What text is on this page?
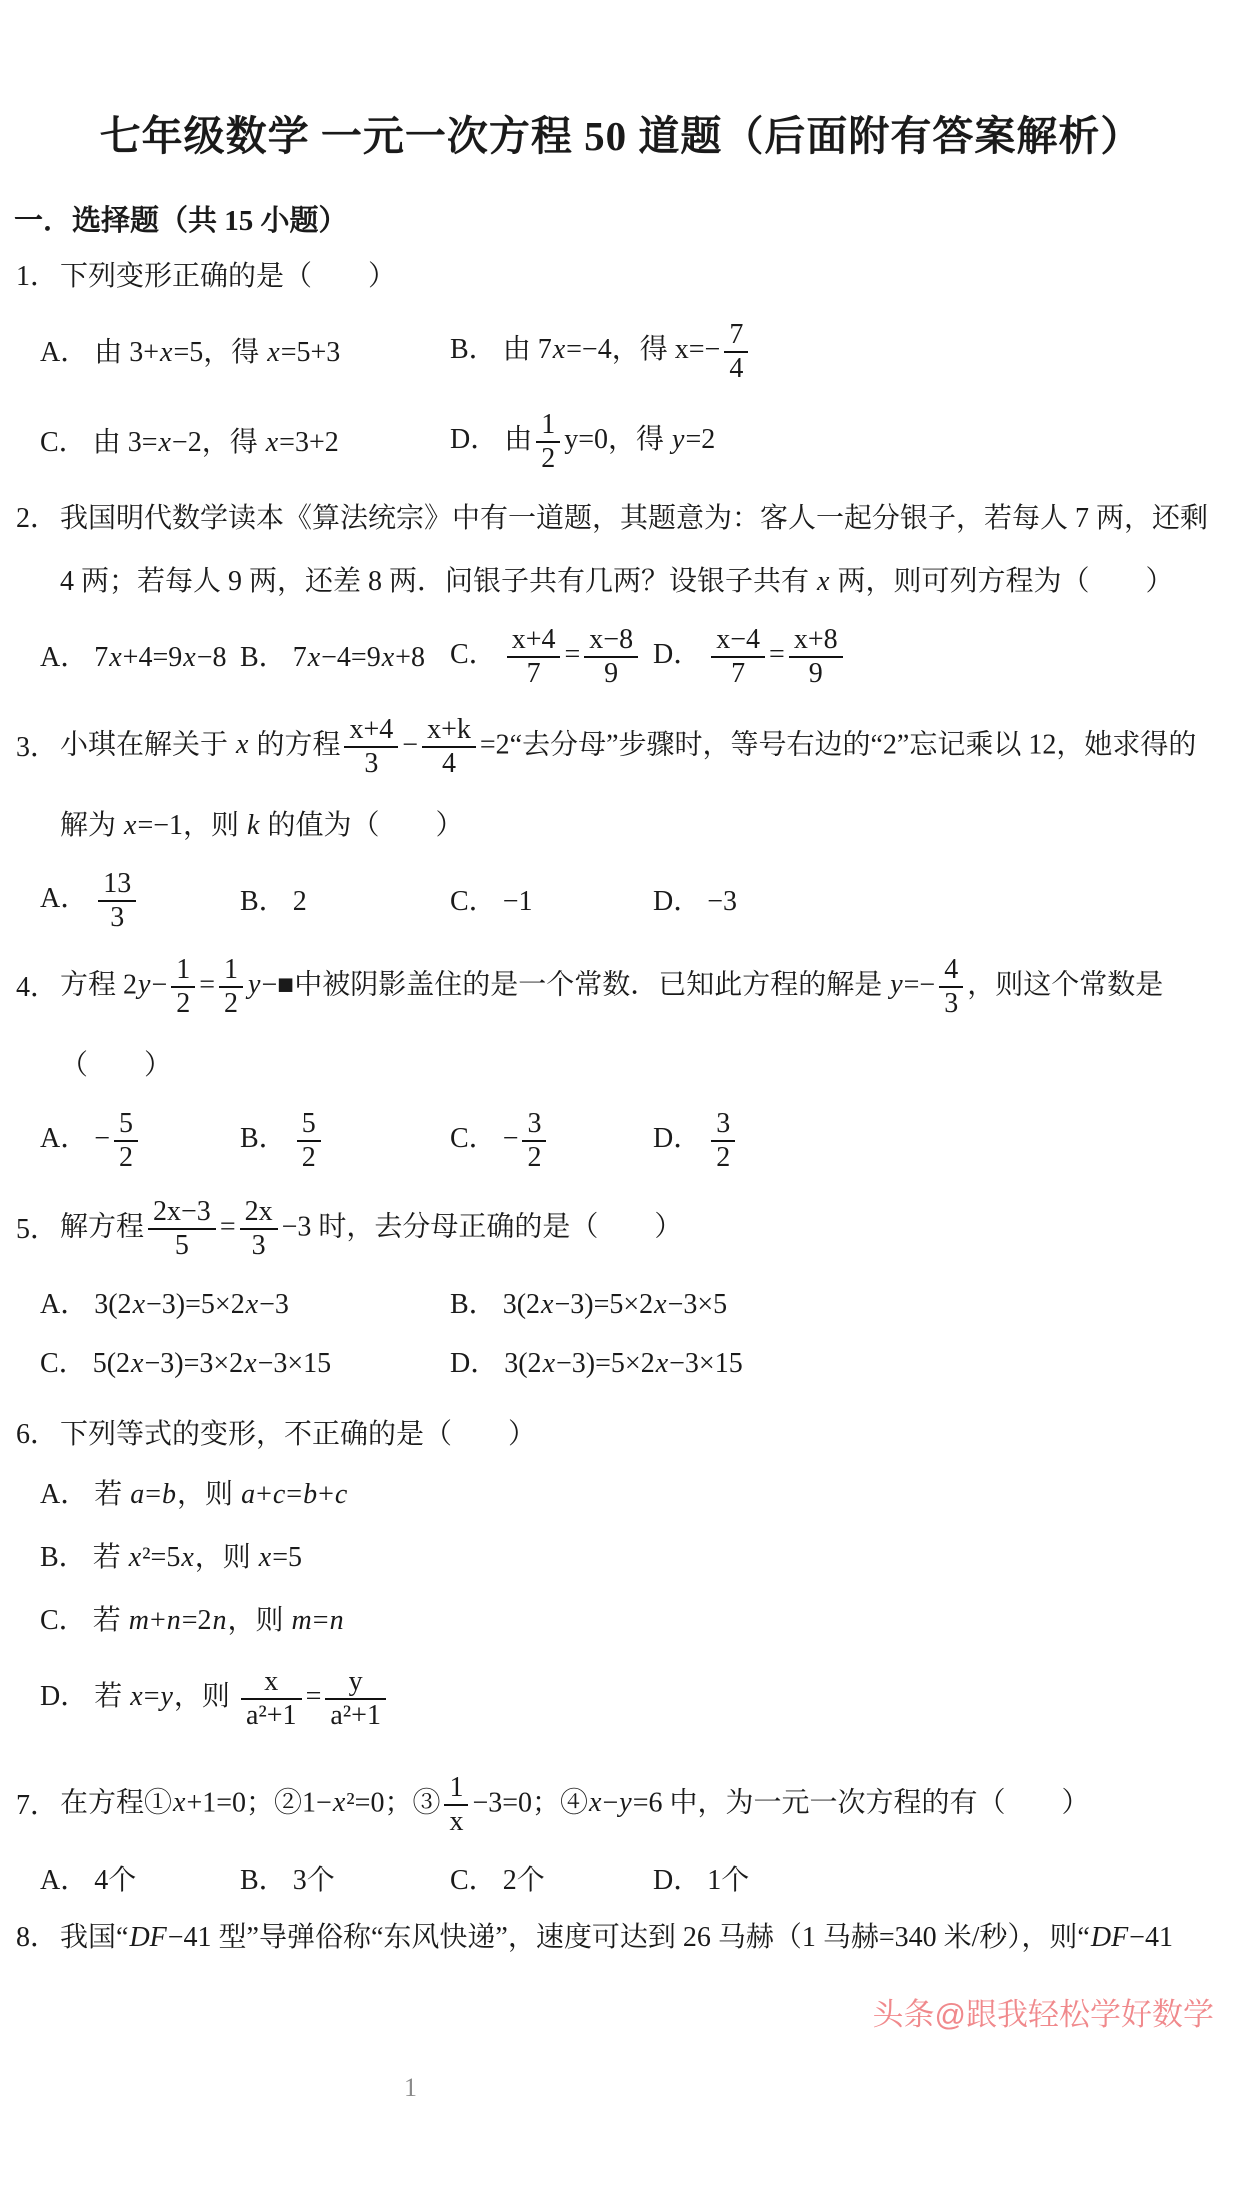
七年级数学 一元一次方程 50 道题（后面附有答案解析）
一．选择题（共 15 小题）
1． 下列变形正确的是（　　）
A． 由 3+x=5，得 x=5+3	B． 由 7x=−4，得 $x=- \frac{7}{4}$
C． 由 3=x−2，得 x=3+2	D． 由 $\frac{1}{2} y=0$，得 y=2
2． 我国明代数学读本《算法统宗》中有一道题，其题意为：客人一起分银子，若每人 7 两，还剩
4 两；若每人 9 两，还差 8 两．问银子共有几两？设银子共有 x 两，则可列方程为（　　）
A． 7x+4=9x−8 B． 7x−4=9x+8 C． $\frac{x+4}{7} = \frac{x-8}{9}$ D． $\frac{x-4}{7} = \frac{x+8}{9}$
3． 小琪在解关于 x 的方程 $\frac{x+4}{3} - \frac{x+k}{4}$ =2“去分母”步骤时，等号右边的“2”忘记乘以 12，她求得的
解为 x=−1，则 k 的值为（　　）
A． $\frac{13}{3}$	B． 2	C． −1	D． −3
4． 方程 $2y- \frac{1}{2} = \frac{1}{2}$ y−■中被阴影盖住的是一个常数．已知此方程的解是 $y=- \frac{4}{3}$ ，则这个常数是
（　　）
A． − $\frac{5}{2}$	B． $\frac{5}{2}$	C． − $\frac{3}{2}$	D． $\frac{3}{2}$
5． 解方程 $\frac{2x-3}{5} = \frac{2x}{3} -3$ 时，去分母正确的是（　　）
A． 3(2x−3)=5×2x−3	B． 3(2x−3)=5×2x−3×5
C． 5(2x−3)=3×2x−3×15	D． 3(2x−3)=5×2x−3×15
6． 下列等式的变形，不正确的是（　　）
A． 若 a=b，则 a+c=b+c
B． 若 x²=5x，则 x=5
C． 若 m+n=2n，则 m=n
D． 若 x=y，则 $\frac{x}{\text{a²+1}} = \frac{y}{\text{a²+1}}$
7． 在方程①x+1=0；②1−x²=0；③ $\frac{1}{x} -3=0$；④x−y=6 中，为一元一次方程的有（　　）
A． 4个	B． 3个	C． 2个	D． 1个
8． 我国“DF−41 型”导弹俗称“东风快递”，速度可达到 26 马赫（1 马赫=340 米/秒），则“DF−41
头条@跟我轻松学好数学
1
